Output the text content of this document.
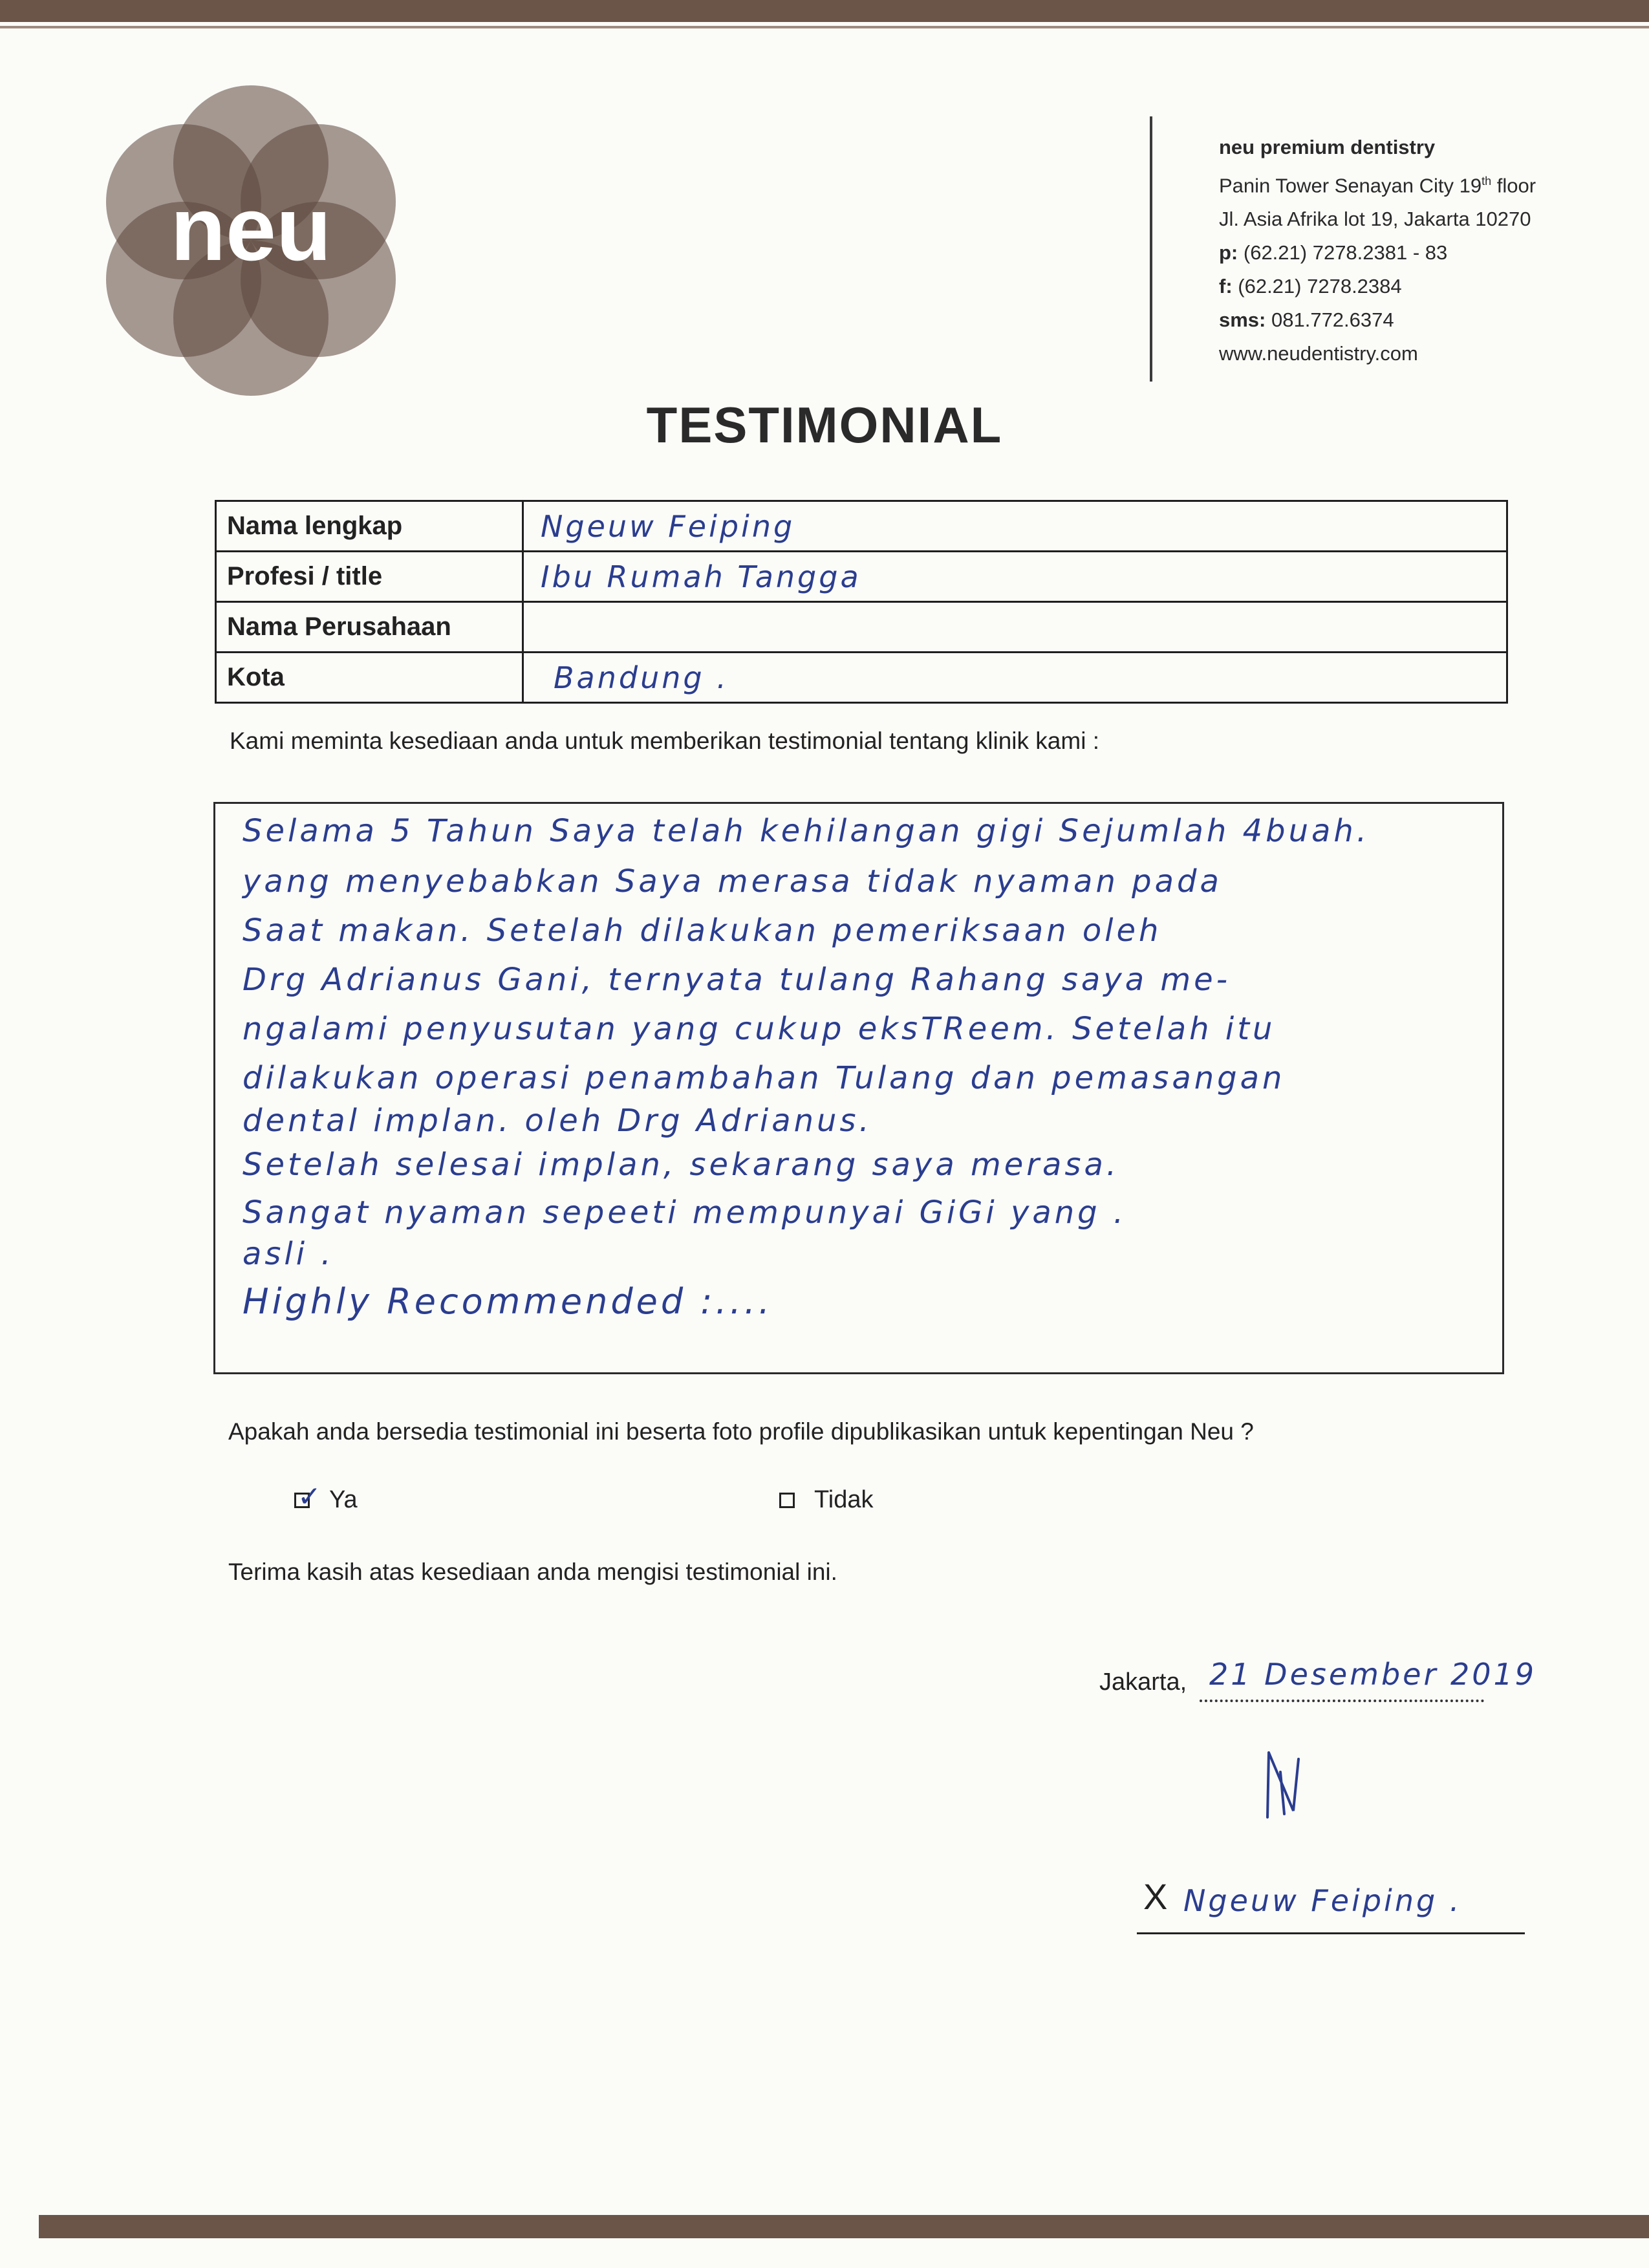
neu
neu premium dentistry
Panin Tower Senayan City 19th floor
Jl. Asia Afrika lot 19, Jakarta 10270
p: (62.21) 7278.2381 - 83
f: (62.21) 7278.2384
sms: 081.772.6374
www.neudentistry.com
TESTIMONIAL
Nama lengkap	Ngeuw Feiping
Profesi / title	Ibu Rumah Tangga
Nama Perusahaan	
Kota	Bandung .
Kami meminta kesediaan anda untuk memberikan testimonial tentang klinik kami :
Selama 5 Tahun Saya telah kehilangan gigi Sejumlah 4buah.
yang menyebabkan Saya merasa tidak nyaman pada
Saat makan. Setelah dilakukan pemeriksaan oleh
Drg Adrianus Gani, ternyata tulang Rahang saya me-
ngalami penyusutan yang cukup eksTReem. Setelah itu
dilakukan operasi penambahan Tulang dan pemasangan
dental implan. oleh Drg Adrianus.
Setelah selesai implan, sekarang saya merasa.
Sangat nyaman sepeeti mempunyai GiGi yang .
asli .
Highly Recommended :....
Apakah anda bersedia testimonial ini beserta foto profile dipublikasikan untuk kepentingan Neu ?
✓ Ya	Tidak
Terima kasih atas kesediaan anda mengisi testimonial ini.
Jakarta, 21 Desember 2019
X Ngeuw Feiping .
